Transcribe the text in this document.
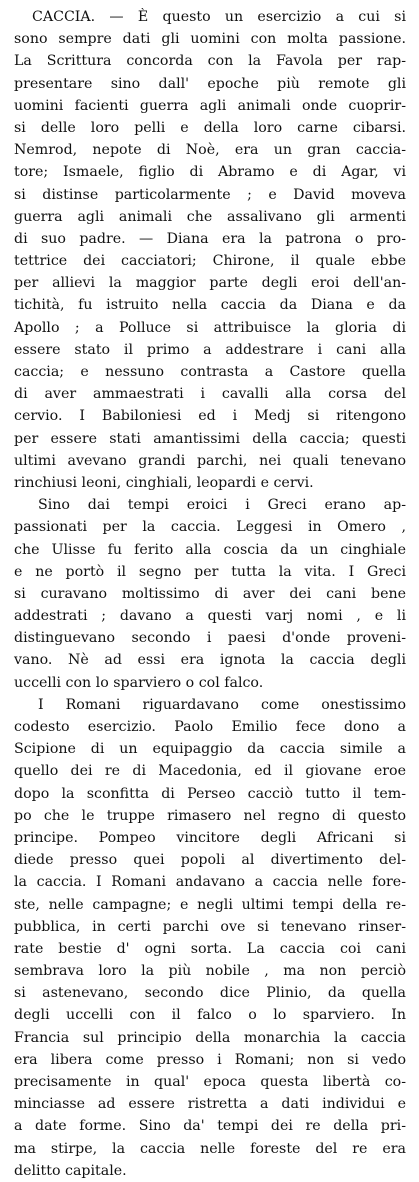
CACCIA. — È questo un esercizio a cui si
sono sempre dati gli uomini con molta passione.
La Scrittura concorda con la Favola per rap-
presentare sino dall' epoche più remote gli
uomini facienti guerra agli animali onde cuoprir-
si delle loro pelli e della loro carne cibarsi.
Nemrod, nepote di Noè, era un gran caccia-
tore; Ismaele, figlio di Abramo e di Agar, vi
si distinse particolarmente ; e David moveva
guerra agli animali che assalivano gli armenti
di suo padre. — Diana era la patrona o pro-
tettrice dei cacciatori; Chirone, il quale ebbe
per allievi la maggior parte degli eroi dell'an-
tichità, fu istruito nella caccia da Diana e da
Apollo ; a Polluce si attribuisce la gloria di
essere stato il primo a addestrare i cani alla
caccia; e nessuno contrasta a Castore quella
di aver ammaestrati i cavalli alla corsa del
cervio. I Babiloniesi ed i Medj si ritengono
per essere stati amantissimi della caccia; questi
ultimi avevano grandi parchi, nei quali tenevano
rinchiusi leoni, cinghiali, leopardi e cervi.
Sino dai tempi eroici i Greci erano ap-
passionati per la caccia. Leggesi in Omero ,
che Ulisse fu ferito alla coscia da un cinghiale
e ne portò il segno per tutta la vita. I Greci
si curavano moltissimo di aver dei cani bene
addestrati ; davano a questi varj nomi , e li
distinguevano secondo i paesi d'onde proveni-
vano. Nè ad essi era ignota la caccia degli
uccelli con lo sparviero o col falco.
I Romani riguardavano come onestissimo
codesto esercizio. Paolo Emilio fece dono a
Scipione di un equipaggio da caccia simile a
quello dei re di Macedonia, ed il giovane eroe
dopo la sconfitta di Perseo cacciò tutto il tem-
po che le truppe rimasero nel regno di questo
principe. Pompeo vincitore degli Africani si
diede presso quei popoli al divertimento del-
la caccia. I Romani andavano a caccia nelle fore-
ste, nelle campagne; e negli ultimi tempi della re-
pubblica, in certi parchi ove si tenevano rinser-
rate bestie d' ogni sorta. La caccia coi cani
sembrava loro la più nobile , ma non perciò
si astenevano, secondo dice Plinio, da quella
degli uccelli con il falco o lo sparviero. In
Francia sul principio della monarchia la caccia
era libera come presso i Romani; non si vedo
precisamente in qual' epoca questa libertà co-
minciasse ad essere ristretta a dati individui e
a date forme. Sino da' tempi dei re della pri-
ma stirpe, la caccia nelle foreste del re era
delitto capitale.
